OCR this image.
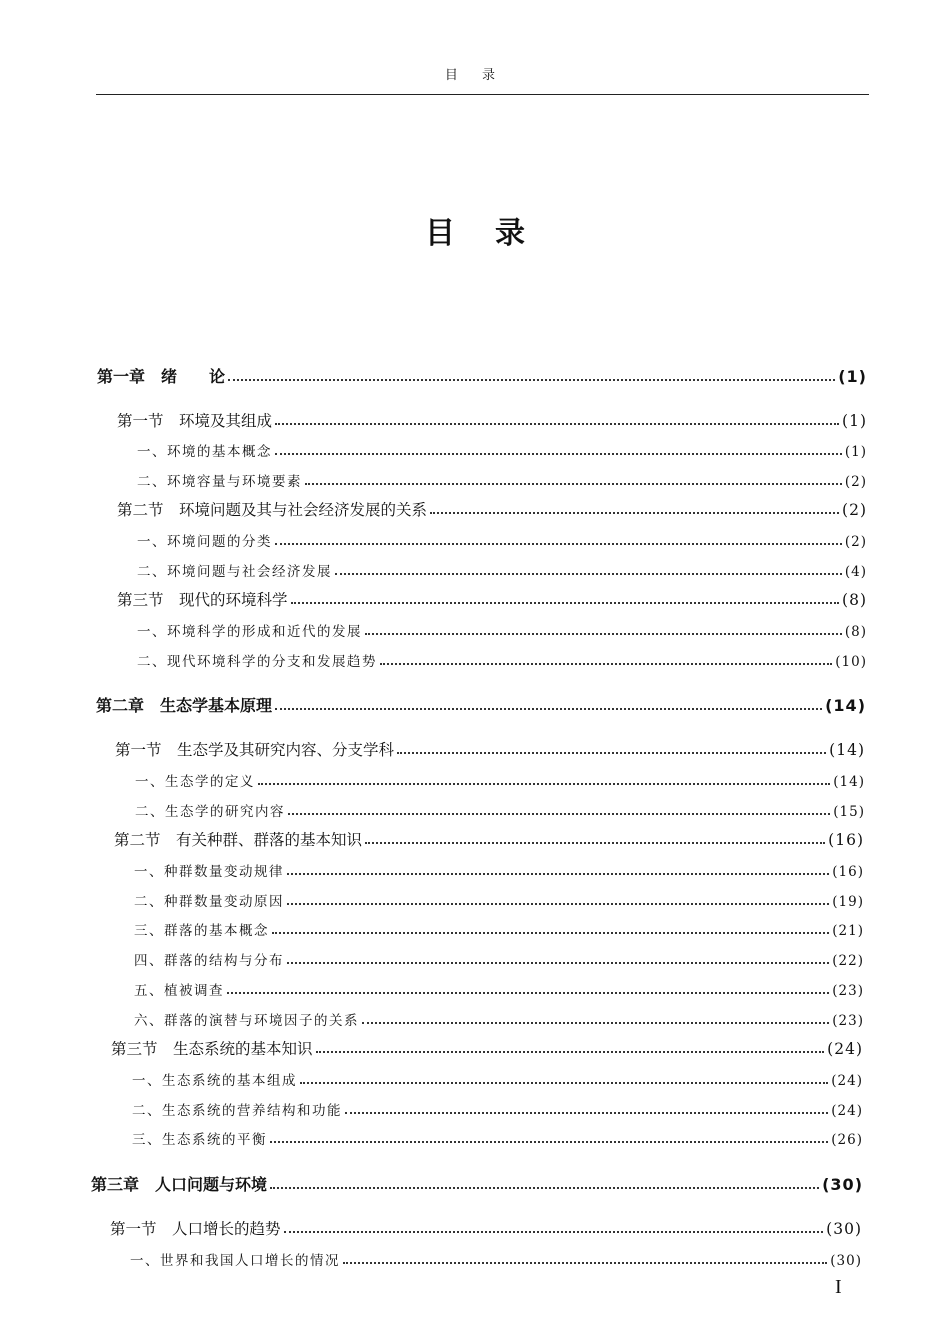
目 录
目录
第一章　绪　　论	(1)
第一节　环境及其组成	(1)
一、环境的基本概念	(1)
二、环境容量与环境要素	(2)
第二节　环境问题及其与社会经济发展的关系	(2)
一、环境问题的分类	(2)
二、环境问题与社会经济发展	(4)
第三节　现代的环境科学	(8)
一、环境科学的形成和近代的发展	(8)
二、现代环境科学的分支和发展趋势	(10)
第二章　生态学基本原理	(14)
第一节　生态学及其研究内容、分支学科	(14)
一、生态学的定义	(14)
二、生态学的研究内容	(15)
第二节　有关种群、群落的基本知识	(16)
一、种群数量变动规律	(16)
二、种群数量变动原因	(19)
三、群落的基本概念	(21)
四、群落的结构与分布	(22)
五、植被调查	(23)
六、群落的演替与环境因子的关系	(23)
第三节　生态系统的基本知识	(24)
一、生态系统的基本组成	(24)
二、生态系统的营养结构和功能	(24)
三、生态系统的平衡	(26)
第三章　人口问题与环境	(30)
第一节　人口增长的趋势	(30)
一、世界和我国人口增长的情况	(30)
I
